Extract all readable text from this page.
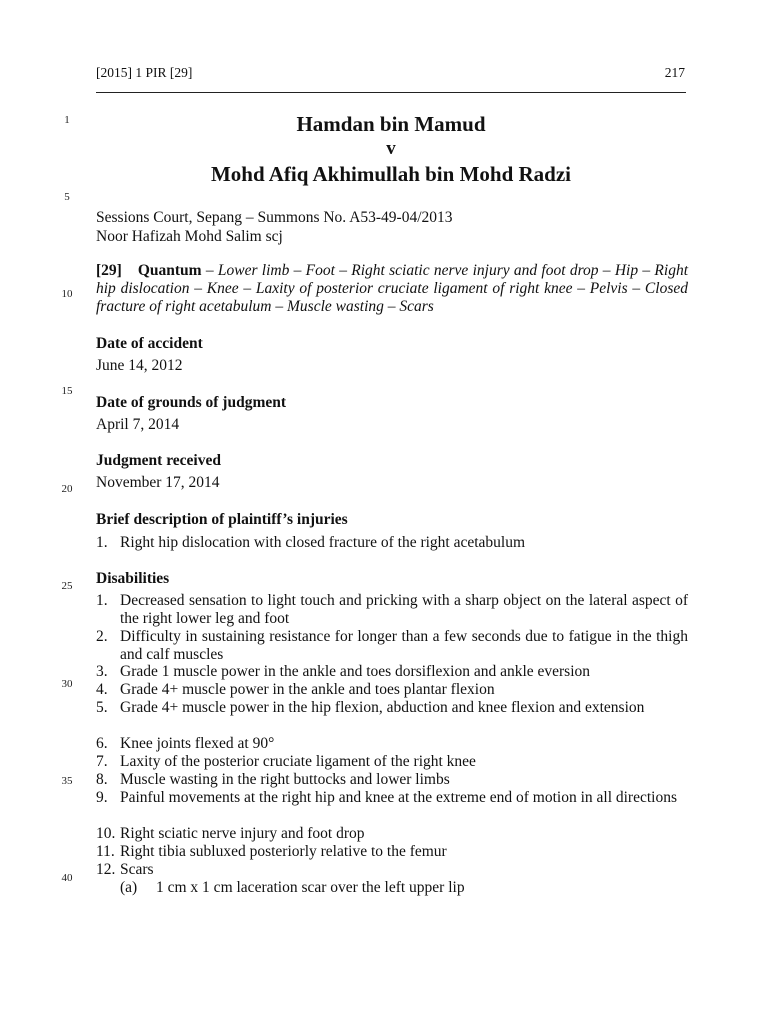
[2015] 1 PIR [29]	217
1
5
10
15
20
25
30
35
40
Hamdan bin Mamud
v
Mohd Afiq Akhimullah bin Mohd Radzi
Sessions Court, Sepang – Summons No. A53-49-04/2013
Noor Hafizah Mohd Salim scj
[29] Quantum – Lower limb – Foot – Right sciatic nerve injury and foot drop – Hip – Right hip dislocation – Knee – Laxity of posterior cruciate ligament of right knee – Pelvis – Closed fracture of right acetabulum – Muscle wasting – Scars
Date of accident
June 14, 2012
Date of grounds of judgment
April 7, 2014
Judgment received
November 17, 2014
Brief description of plaintiff’s injuries
1. Right hip dislocation with closed fracture of the right acetabulum
Disabilities
1. Decreased sensation to light touch and pricking with a sharp object on the lateral aspect of the right lower leg and foot
2. Difficulty in sustaining resistance for longer than a few seconds due to fatigue in the thigh and calf muscles
3. Grade 1 muscle power in the ankle and toes dorsiflexion and ankle eversion
4. Grade 4+ muscle power in the ankle and toes plantar flexion
5. Grade 4+ muscle power in the hip flexion, abduction and knee flexion and extension
6. Knee joints flexed at 90°
7. Laxity of the posterior cruciate ligament of the right knee
8. Muscle wasting in the right buttocks and lower limbs
9. Painful movements at the right hip and knee at the extreme end of motion in all directions
10. Right sciatic nerve injury and foot drop
11. Right tibia subluxed posteriorly relative to the femur
12. Scars
(a) 1 cm x 1 cm laceration scar over the left upper lip
